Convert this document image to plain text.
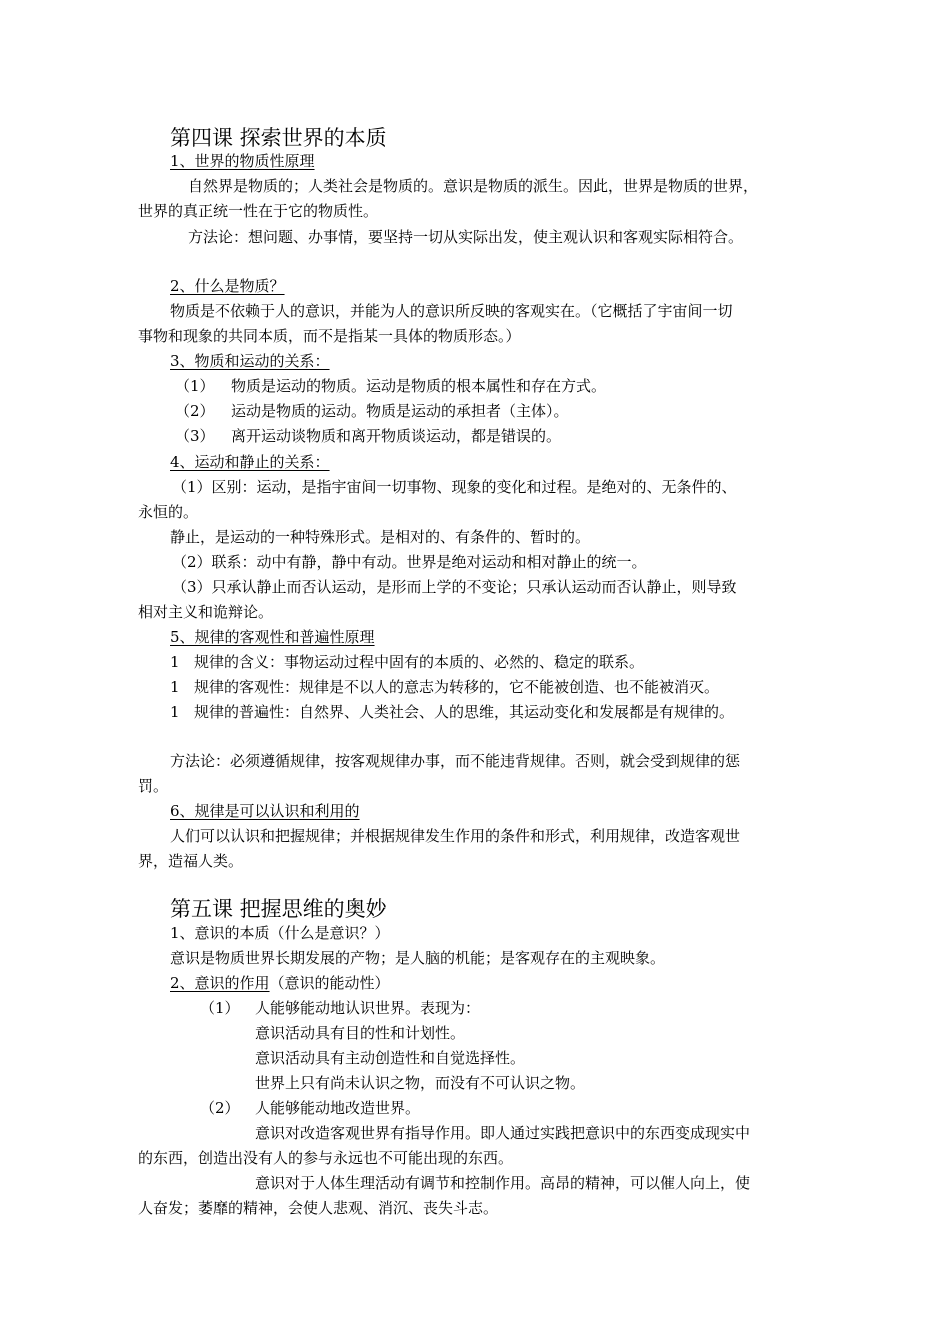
第四课 探索世界的本质
1、世界的物质性原理
自然界是物质的；人类社会是物质的。意识是物质的派生。因此，世界是物质的世界，
世界的真正统一性在于它的物质性。
方法论：想问题、办事情，要坚持一切从实际出发，使主观认识和客观实际相符合。
2、什么是物质？
物质是不依赖于人的意识，并能为人的意识所反映的客观实在。（它概括了宇宙间一切
事物和现象的共同本质，而不是指某一具体的物质形态。）
3、物质和运动的关系：
（1） 物质是运动的物质。运动是物质的根本属性和存在方式。
（2） 运动是物质的运动。物质是运动的承担者（主体）。
（3） 离开运动谈物质和离开物质谈运动，都是错误的。
4、运动和静止的关系：
（1）区别：运动，是指宇宙间一切事物、现象的变化和过程。是绝对的、无条件的、
永恒的。
静止，是运动的一种特殊形式。是相对的、有条件的、暂时的。
（2）联系：动中有静，静中有动。世界是绝对运动和相对静止的统一。
（3）只承认静止而否认运动，是形而上学的不变论；只承认运动而否认静止，则导致
相对主义和诡辩论。
5、规律的客观性和普遍性原理
1 规律的含义：事物运动过程中固有的本质的、必然的、稳定的联系。
1 规律的客观性：规律是不以人的意志为转移的，它不能被创造、也不能被消灭。
1 规律的普遍性：自然界、人类社会、人的思维，其运动变化和发展都是有规律的。
方法论：必须遵循规律，按客观规律办事，而不能违背规律。否则，就会受到规律的惩
罚。
6、规律是可以认识和利用的
人们可以认识和把握规律；并根据规律发生作用的条件和形式，利用规律，改造客观世
界，造福人类。
第五课 把握思维的奥妙
1、意识的本质（什么是意识？）
意识是物质世界长期发展的产物；是人脑的机能；是客观存在的主观映象。
2、意识的作用（意识的能动性）
（1） 人能够能动地认识世界。表现为：
意识活动具有目的性和计划性。
意识活动具有主动创造性和自觉选择性。
世界上只有尚未认识之物，而没有不可认识之物。
（2） 人能够能动地改造世界。
意识对改造客观世界有指导作用。即人通过实践把意识中的东西变成现实中
的东西，创造出没有人的参与永远也不可能出现的东西。
意识对于人体生理活动有调节和控制作用。高昂的精神，可以催人向上，使
人奋发；萎靡的精神，会使人悲观、消沉、丧失斗志。
